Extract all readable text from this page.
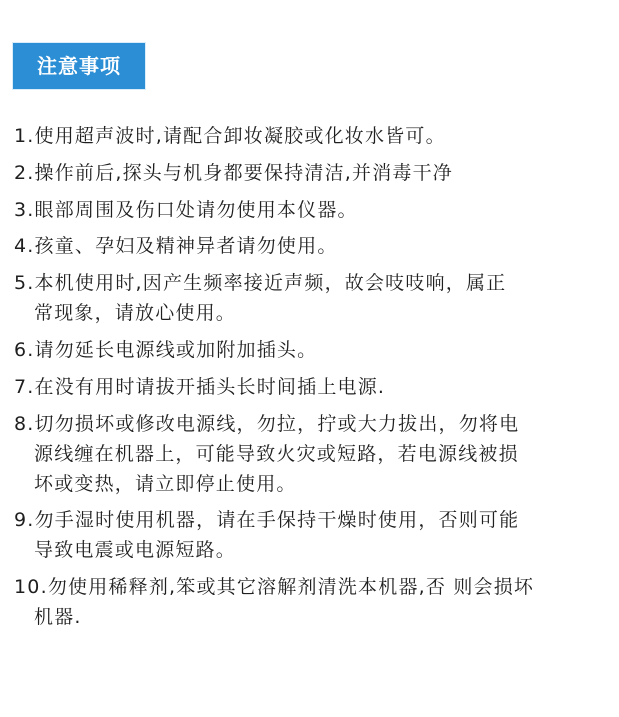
注意事项
1.使用超声波时,请配合卸妆凝胶或化妆水皆可。
2.操作前后,探头与机身都要保持清洁,并消毒干净
3.眼部周围及伤口处请勿使用本仪器。
4.孩童、孕妇及精神异者请勿使用。
5.本机使用时,因产生频率接近声频，故会吱吱响，属正
常现象，请放心使用。
6.请勿延长电源线或加附加插头。
7.在没有用时请拔开插头长时间插上电源.
8.切勿损坏或修改电源线，勿拉，拧或大力拔出，勿将电
源线缠在机器上，可能导致火灾或短路，若电源线被损
坏或变热，请立即停止使用。
9.勿手湿时使用机器，请在手保持干燥时使用，否则可能
导致电震或电源短路。
10.勿使用稀释剂,笨或其它溶解剂清洗本机器,否 则会损坏
机器.
